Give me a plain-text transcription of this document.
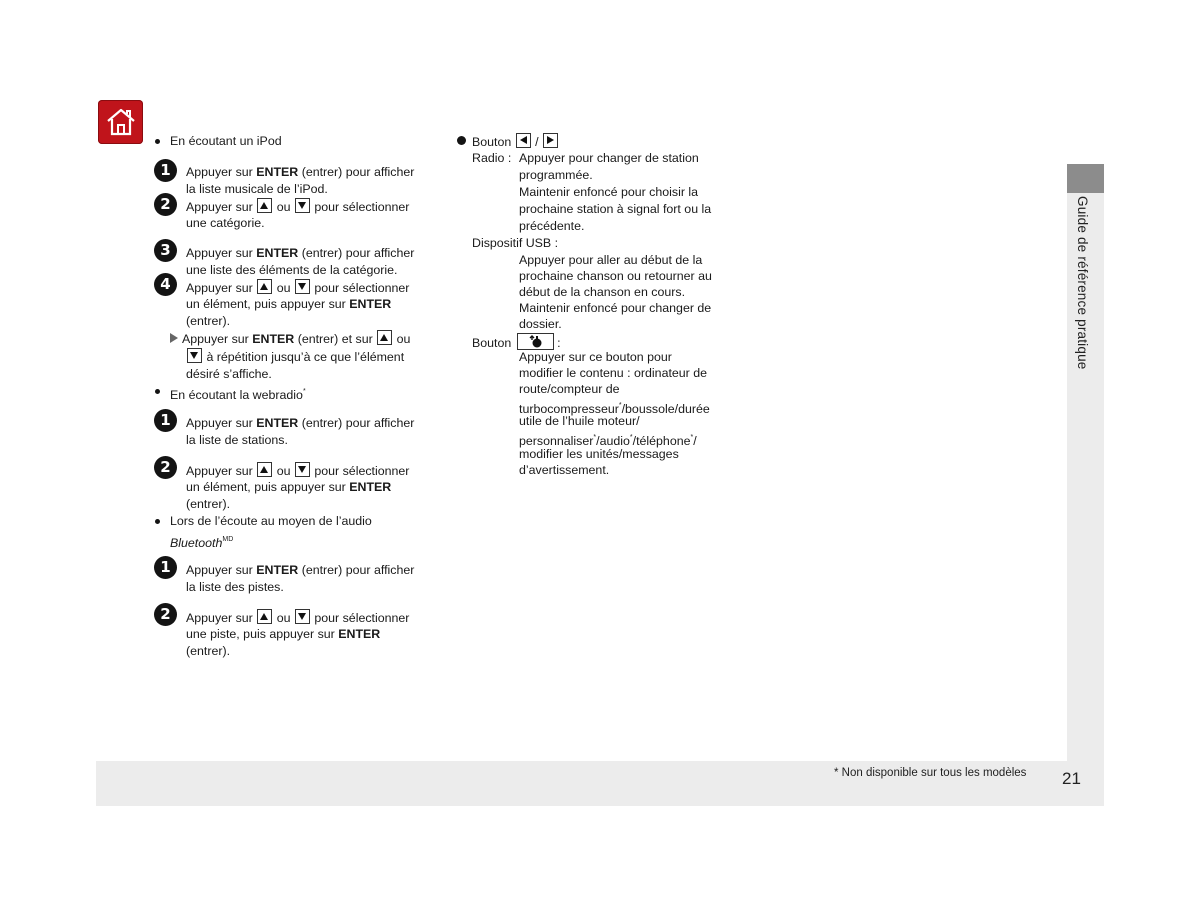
En écoutant un iPod
1	Appuyer sur ENTER (entrer) pour afficher
la liste musicale de l’iPod.
2	Appuyer sur  ou  pour sélectionner
une catégorie.
3	Appuyer sur ENTER (entrer) pour afficher
une liste des éléments de la catégorie.
4	Appuyer sur  ou  pour sélectionner
un élément, puis appuyer sur ENTER
(entrer).
Appuyer sur ENTER (entrer) et sur  ou
à répétition jusqu’à ce que l’élément
désiré s’affiche.
En écoutant la webradio*
1	Appuyer sur ENTER (entrer) pour afficher
la liste de stations.
2	Appuyer sur  ou  pour sélectionner
un élément, puis appuyer sur ENTER
(entrer).
Lors de l’écoute au moyen de l’audio
Bluetooth$^{MD}$
1	Appuyer sur ENTER (entrer) pour afficher
la liste des pistes.
2	Appuyer sur  ou  pour sélectionner
une piste, puis appuyer sur ENTER
(entrer).
Bouton  /
Radio : Appuyer pour changer de station
programmée.
Maintenir enfoncé pour choisir la
prochaine station à signal fort ou la
précédente.
Dispositif USB :
Appuyer pour aller au début de la
prochaine chanson ou retourner au
début de la chanson en cours.
Maintenir enfoncé pour changer de
dossier.
Bouton	:
Appuyer sur ce bouton pour
modifier le contenu : ordinateur de
route/compteur de
turbocompresseur*/boussole/durée
utile de l’huile moteur/
personnaliser*/audio*/téléphone*/
modifier les unités/messages
d’avertissement.
Guide de référence pratique
* Non disponible sur tous les modèles 21
